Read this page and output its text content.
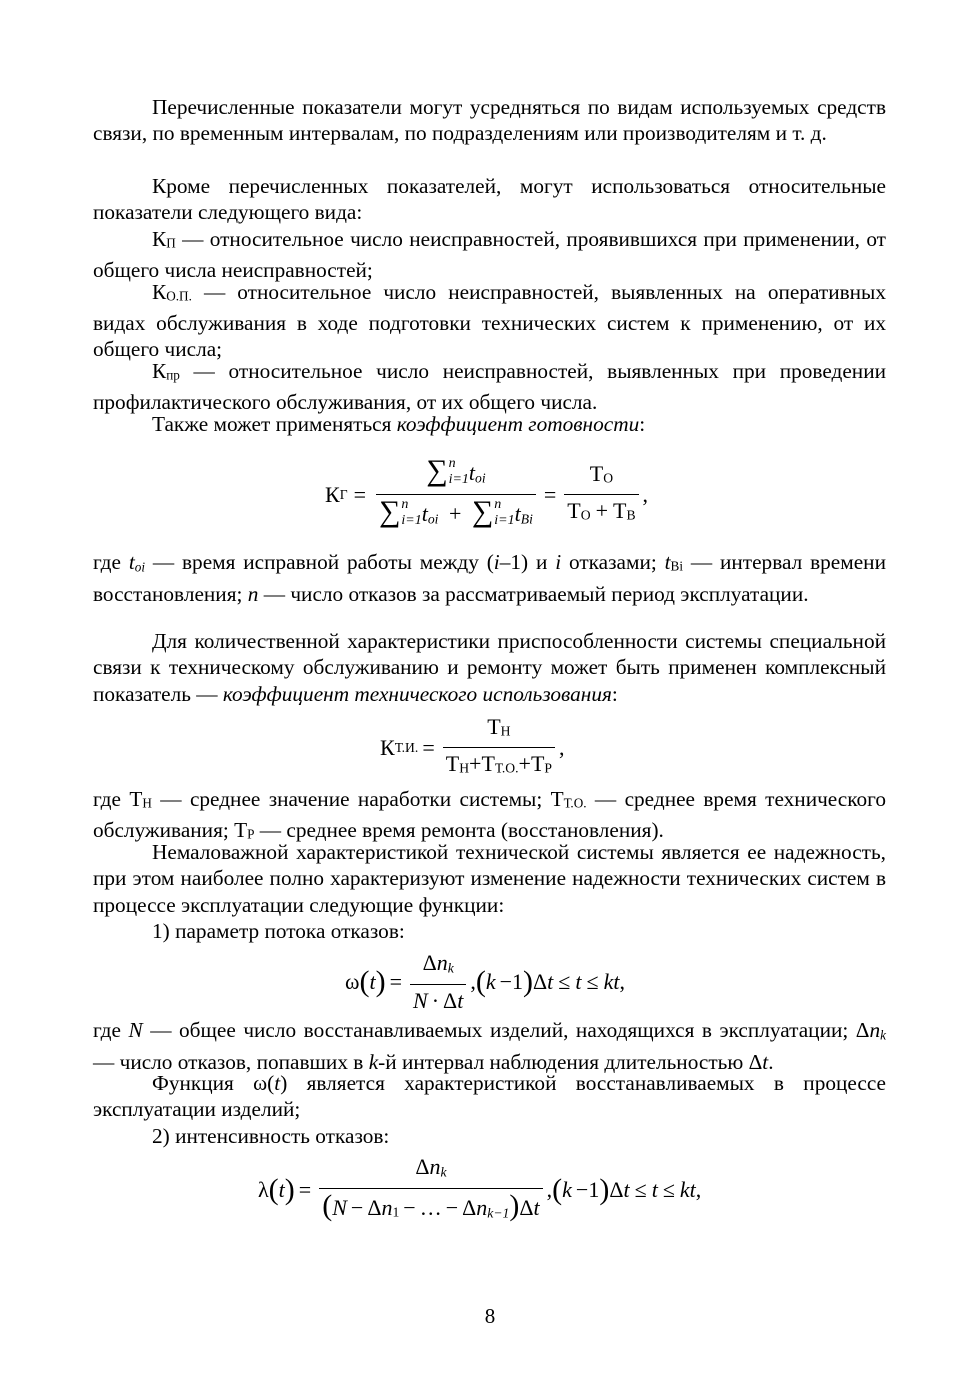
Перечисленные показатели могут усредняться по видам используемых средств связи, по временным интервалам, по подразделениям или производителям и т. д.

Кроме перечисленных показателей, могут использоваться относительные показатели следующего вида:

КП — относительное число неисправностей, проявившихся при применении, от общего числа неисправностей;

КО.П. — относительное число неисправностей, выявленных на оперативных видах обслуживания в ходе подготовки технических систем к применению, от их общего числа;

Кпр — относительное число неисправностей, выявленных при проведении профилактического обслуживания, от их общего числа.

Также может применяться коэффициент готовности:

К Г = ∑ n
i=1 toi
∑ n
i=1 toi + ∑ n
i=1 tBi = $\frac{ТО}{ТО + ТВ}$ ,

где toi — время исправной работы между (i–1) и i отказами; tBi — интервал времени восстановления; n — число отказов за рассматриваемый период эксплуатации.

Для количественной характеристики приспособленности системы специальной связи к техническому обслуживанию и ремонту может быть применен комплексный показатель — коэффициент технического использования:

К Т.И. = $\frac{ТН}{ТН+ТТ.О.+ТР}$ ,

где ТН — среднее значение наработки системы; ТТ.О. — среднее время технического обслуживания; ТР — среднее время ремонта (восстановления).

Немаловажной характеристикой технической системы является ее надежность, при этом наиболее полно характеризуют изменение надежности технических систем в процессе эксплуатации следующие функции:

1) параметр потока отказов:

ω ( t ) = $\frac{\text{Δnk}}{N \cdot \Delta t}$ , ( k −1 ) Δ t ≤ t ≤ k t ,

где N — общее число восстанавливаемых изделий, находящихся в эксплуатации; Δnk — число отказов, попавших в k-й интервал наблюдения длительностью Δt.

Функция ω(t) является характеристикой восстанавливаемых в процессе эксплуатации изделий;

2) интенсивность отказов:

λ ( t ) = $\frac{\text{Δnk}}{\text{(N − Δn1 − … − Δnk−1)Δt}}$ , ( k −1 ) Δ t ≤ t ≤ k t ,
8
